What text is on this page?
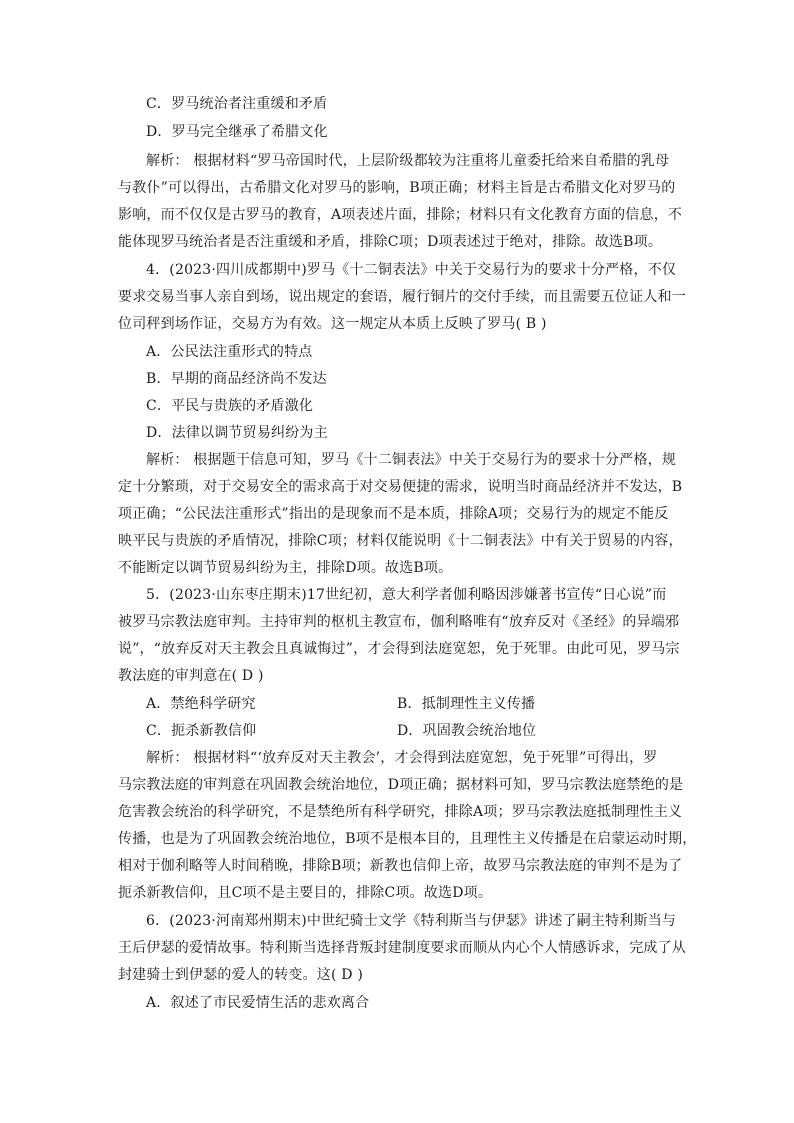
C．罗马统治者注重缓和矛盾
D．罗马完全继承了希腊文化
解析： 根据材料“罗马帝国时代，上层阶级都较为注重将儿童委托给来自希腊的乳母
与教仆”可以得出，古希腊文化对罗马的影响，B项正确；材料主旨是古希腊文化对罗马的
影响，而不仅仅是古罗马的教育，A项表述片面，排除；材料只有文化教育方面的信息，不
能体现罗马统治者是否注重缓和矛盾，排除C项；D项表述过于绝对，排除。故选B项。
4．(2023·四川成都期中)罗马《十二铜表法》中关于交易行为的要求十分严格，不仅
要求交易当事人亲自到场，说出规定的套语，履行铜片的交付手续，而且需要五位证人和一
位司秤到场作证，交易方为有效。这一规定从本质上反映了罗马( B )
A．公民法注重形式的特点
B．早期的商品经济尚不发达
C．平民与贵族的矛盾激化
D．法律以调节贸易纠纷为主
解析： 根据题干信息可知，罗马《十二铜表法》中关于交易行为的要求十分严格，规
定十分繁琐，对于交易安全的需求高于对交易便捷的需求，说明当时商品经济并不发达，B
项正确；“公民法注重形式”指出的是现象而不是本质，排除A项；交易行为的规定不能反
映平民与贵族的矛盾情况，排除C项；材料仅能说明《十二铜表法》中有关于贸易的内容，
不能断定以调节贸易纠纷为主，排除D项。故选B项。
5．(2023·山东枣庄期末)17世纪初，意大利学者伽利略因涉嫌著书宣传“日心说”而
被罗马宗教法庭审判。主持审判的枢机主教宣布，伽利略唯有“放弃反对《圣经》的异端邪
说”，“放弃反对天主教会且真诚悔过”，才会得到法庭宽恕，免于死罪。由此可见，罗马宗
教法庭的审判意在( D )
A．禁绝科学研究	B．抵制理性主义传播
C．扼杀新教信仰	D．巩固教会统治地位
解析： 根据材料“‘放弃反对天主教会’，才会得到法庭宽恕，免于死罪”可得出，罗
马宗教法庭的审判意在巩固教会统治地位，D项正确；据材料可知，罗马宗教法庭禁绝的是
危害教会统治的科学研究，不是禁绝所有科学研究，排除A项；罗马宗教法庭抵制理性主义
传播，也是为了巩固教会统治地位，B项不是根本目的，且理性主义传播是在启蒙运动时期，
相对于伽利略等人时间稍晚，排除B项；新教也信仰上帝，故罗马宗教法庭的审判不是为了
扼杀新教信仰，且C项不是主要目的，排除C项。故选D项。
6．(2023·河南郑州期末)中世纪骑士文学《特利斯当与伊瑟》讲述了嗣主特利斯当与
王后伊瑟的爱情故事。特利斯当选择背叛封建制度要求而顺从内心个人情感诉求，完成了从
封建骑士到伊瑟的爱人的转变。这( D )
A．叙述了市民爱情生活的悲欢离合
